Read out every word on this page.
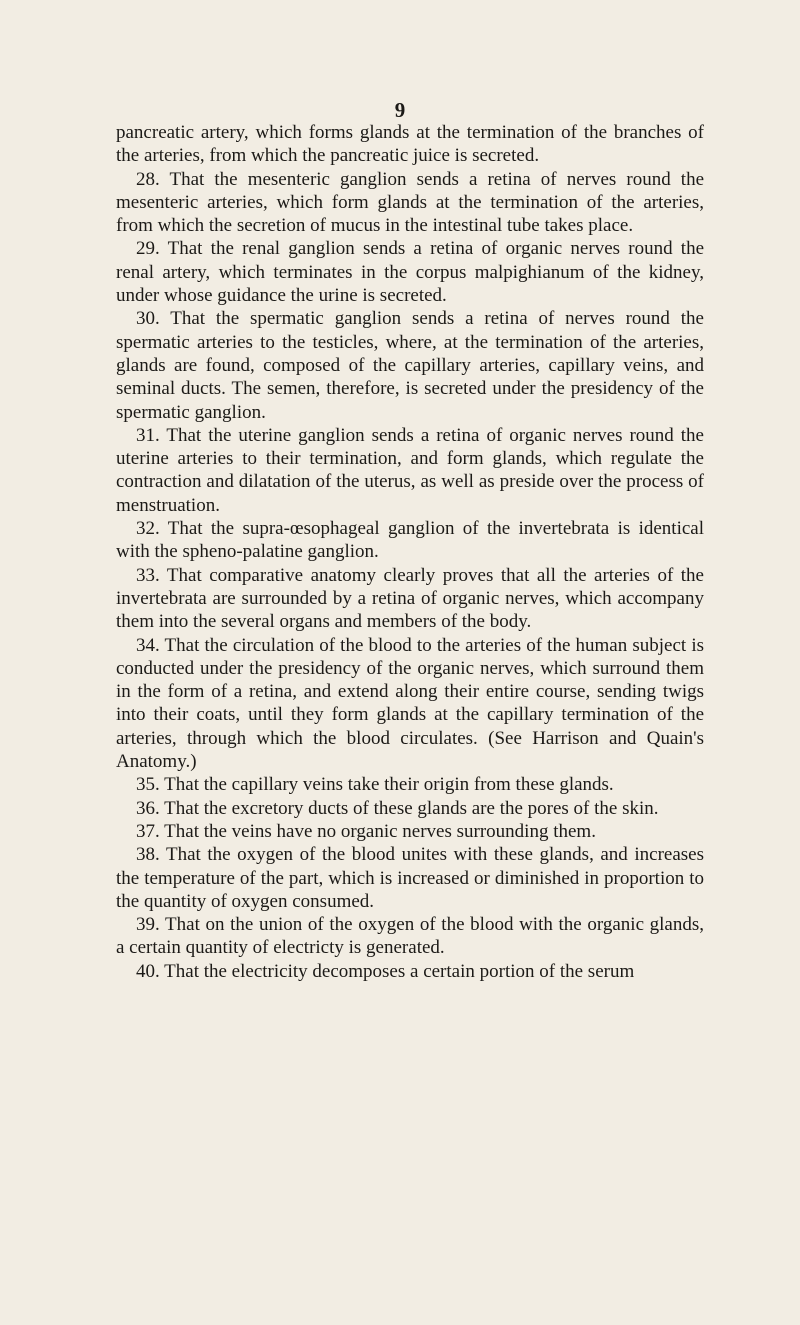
9

pancreatic artery, which forms glands at the termination of the branches of the arteries, from which the pancreatic juice is secreted.

28. That the mesenteric ganglion sends a retina of nerves round the mesenteric arteries, which form glands at the termination of the arteries, from which the secretion of mucus in the intestinal tube takes place.

29. That the renal ganglion sends a retina of organic nerves round the renal artery, which terminates in the corpus malpighianum of the kidney, under whose guidance the urine is secreted.

30. That the spermatic ganglion sends a retina of nerves round the spermatic arteries to the testicles, where, at the termination of the arteries, glands are found, composed of the capillary arteries, capillary veins, and seminal ducts. The semen, therefore, is secreted under the presidency of the spermatic ganglion.

31. That the uterine ganglion sends a retina of organic nerves round the uterine arteries to their termination, and form glands, which regulate the contraction and dilatation of the uterus, as well as preside over the process of menstruation.

32. That the supra-œsophageal ganglion of the invertebrata is identical with the spheno-palatine ganglion.

33. That comparative anatomy clearly proves that all the arteries of the invertebrata are surrounded by a retina of organic nerves, which accompany them into the several organs and members of the body.

34. That the circulation of the blood to the arteries of the human subject is conducted under the presidency of the organic nerves, which surround them in the form of a retina, and extend along their entire course, sending twigs into their coats, until they form glands at the capillary termination of the arteries, through which the blood circulates. (See Harrison and Quain's Anatomy.)

35. That the capillary veins take their origin from these glands.

36. That the excretory ducts of these glands are the pores of the skin.

37. That the veins have no organic nerves surrounding them.

38. That the oxygen of the blood unites with these glands, and increases the temperature of the part, which is increased or diminished in proportion to the quantity of oxygen consumed.

39. That on the union of the oxygen of the blood with the organic glands, a certain quantity of electricty is generated.

40. That the electricity decomposes a certain portion of the serum
